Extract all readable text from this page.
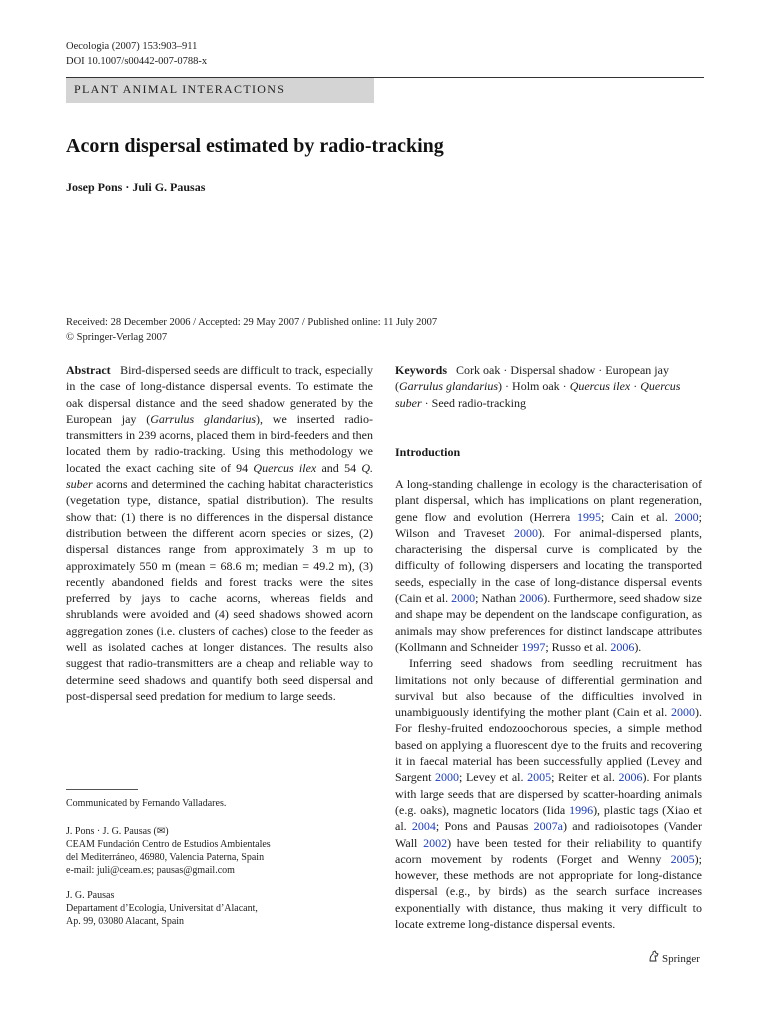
Oecologia (2007) 153:903–911
DOI 10.1007/s00442-007-0788-x
PLANT ANIMAL INTERACTIONS
Acorn dispersal estimated by radio-tracking
Josep Pons · Juli G. Pausas
Received: 28 December 2006 / Accepted: 29 May 2007 / Published online: 11 July 2007
© Springer-Verlag 2007
Abstract Bird-dispersed seeds are difficult to track, especially in the case of long-distance dispersal events. To estimate the oak dispersal distance and the seed shadow generated by the European jay (Garrulus glandarius), we inserted radio-transmitters in 239 acorns, placed them in bird-feeders and then located them by radio-tracking. Using this methodology we located the exact caching site of 94 Quercus ilex and 54 Q. suber acorns and determined the caching habitat characteristics (vegetation type, distance, spatial distribution). The results show that: (1) there is no differences in the dispersal distance distribution between the different acorn species or sizes, (2) dispersal distances range from approximately 3 m up to approximately 550 m (mean = 68.6 m; median = 49.2 m), (3) recently abandoned fields and forest tracks were the sites preferred by jays to cache acorns, whereas fields and shrublands were avoided and (4) seed shadows showed acorn aggregation zones (i.e. clusters of caches) close to the feeder as well as isolated caches at longer distances. The results also suggest that radio-transmitters are a cheap and reliable way to determine seed shadows and quantify both seed dispersal and post-dispersal seed predation for medium to large seeds.
Keywords Cork oak · Dispersal shadow · European jay (Garrulus glandarius) · Holm oak · Quercus ilex · Quercus suber · Seed radio-tracking
Introduction

A long-standing challenge in ecology is the characterisation of plant dispersal, which has implications on plant regeneration, gene flow and evolution (Herrera 1995; Cain et al. 2000; Wilson and Traveset 2000). For animal-dispersed plants, characterising the dispersal curve is complicated by the difficulty of following dispersers and locating the transported seeds, especially in the case of long-distance dispersal events (Cain et al. 2000; Nathan 2006). Furthermore, seed shadow size and shape may be dependent on the landscape configuration, as animals may show preferences for distinct landscape attributes (Kollmann and Schneider 1997; Russo et al. 2006).

Inferring seed shadows from seedling recruitment has limitations not only because of differential germination and survival but also because of the difficulties involved in unambiguously identifying the mother plant (Cain et al. 2000). For fleshy-fruited endozoochorous species, a simple method based on applying a fluorescent dye to the fruits and recovering it in faecal material has been successfully applied (Levey and Sargent 2000; Levey et al. 2005; Reiter et al. 2006). For plants with large seeds that are dispersed by scatter-hoarding animals (e.g. oaks), magnetic locators (Iida 1996), plastic tags (Xiao et al. 2004; Pons and Pausas 2007a) and radioisotopes (Vander Wall 2002) have been tested for their reliability to quantify acorn movement by rodents (Forget and Wenny 2005); however, these methods are not appropriate for long-distance dispersal (e.g., by birds) as the search surface increases exponentially with distance, thus making it very difficult to locate extreme long-distance dispersal events.

Communicated by Fernando Valladares.
J. Pons · J. G. Pausas (✉)
CEAM Fundación Centro de Estudios Ambientales
del Mediterráneo, 46980, Valencia Paterna, Spain
e-mail: juli@ceam.es; pausas@gmail.com
J. G. Pausas
Departament d’Ecologia, Universitat d’Alacant,
Ap. 99, 03080 Alacant, Spain
Springer
